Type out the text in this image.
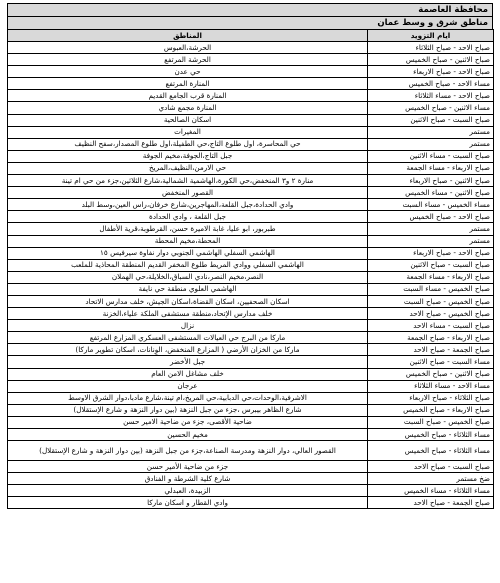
محافظة العاصمة
مناطق شرق و وسط عمان
ايام التزويد	المناطق
صباح الاحد - صباح الثلاثاء	الحرشة،العبوس
صباح الاثنين - صباح الخميس	الحرشة المرتفع
صباح الاحد - صباح الاربعاء	حي عدن
مساء الاحد - صباح الخميس	المنارة المرتفع
صباح الاحد - مساء الثلاثاء	المنارة قرب الجامع القديم
مساء الاثنين - صباح الخميس	المنارة مجمع شادي
صباح السبت - صباح الاثنين	اسكان الصالحية
مستمر	المغيرات
مستمر	حي المحاسرة، اول طلوع التاج،حي الطفيلة،اول طلوع المصدار،سفح النظيف
صباح السبت - مساء الاثنين	جبل التاج،الجوفة،مخيم الجوفة
صباح الاربعاء - مساء الجمعة	حي الارمن،النظيف،المريخ
صباح الاثنين - صباح الاربعاء	منارة ٢ و٣ المنخفض،حي الكورة،الهاشمية الشمالية،شارع الثلاثين،جزء من حي ام تينة
صباح الاثنين - مساء الخميس	القصور المنخفض
مساء الخميس - مساء السبت	وادي الحدادة،جبل القلعة،المهاجرين،شارع خرفان،راس العين،وسط البلد
صباح الاحد - صباح الخميس	جبل القلعة ، وادي الحدادة
مستمر	طبربور، ابو عليا، غابة الاميرة حسن، القرطوبة،قرية الأطفال
مستمر	المحطة،مخيم المحطة
صباح الاحد - صباح الاربعاء	الهاشمي السفلي الهاشمي الجنوبي دوار نفاوة سيرفيس ١٥
صباح السبت - صباح الاثنين	الهاشمي السفلي ووادي المريط طلوع المخفر القديم المنطقة المحاذية للملعب
صباح الاربعاء - مساء الجمعة	النصر،مخيم النصر،نادي السباق،الخلايلة،حي الهملان
صباح الخميس - مساء السبت	الهاشمي العلوي منطقة حي نايفة
صباح الخميس - صباح السبت	اسكان الصحفيين، اسكان القضاة،اسكان الجيش، خلف مدارس الاتحاد
صباح الخميس - صباح الاحد	خلف مدارس الإتحاد،منطقة مستشفى الملكة علياء،الخزنة
صباح السبت - مساء الاحد	نزال
صباح الاربعاء - صباح الجمعة	ماركا من البرج حي العيالات المستشفى العسكري المزارع المرتفع
صباح الجمعة - صباح الاحد	ماركا من الخزان الأرضي ( المزارع المنخفض، الوِنانات، اسكان تطوير ماركا)
مساء السبت - صباح الاثنين	جبل الأخضر
صباح الاثنين - صباح الخميس	خلف مشاغل الامن العام
مساء الاحد - مساء الثلاثاء	عرجان
صباح الثلاثاء - صباح الاربعاء	الاشرفية،الوحدات،حي الدبابية،حي المريخ،ام تينة،شارع مادبا،دوار الشرق الاوسط
صباح الاربعاء - صباح الخميس	شارع الظاهر بيبرس ،جزء من جبل النزهة (بين دوار النزهة و شارع الإستقلال)
صباح الخميس - صباح السبت	ضاحية الأقصى، جزء من ضاحية الامير حسن
مساء الثلاثاء - صباح الخميس	مخيم الحسين
مساء الثلاثاء - صباح الخميس	القصور العالي، دوار النزهة ومدرسة الصناعة،جزء من جبل النزهة (بين دوار النزهة و شارع الإستقلال)
صباح السبت - صباح الاحد	جزء من ضاحية الأمير حسن
ضخ مستمر	شارع كلية الشرطة و الفنادق
مساء الثلاثاء - مساء الخميس	الزبيدة، العبدلي
صباح الجمعة - صباح الاحد	وادي القطار و اسكان ماركا
